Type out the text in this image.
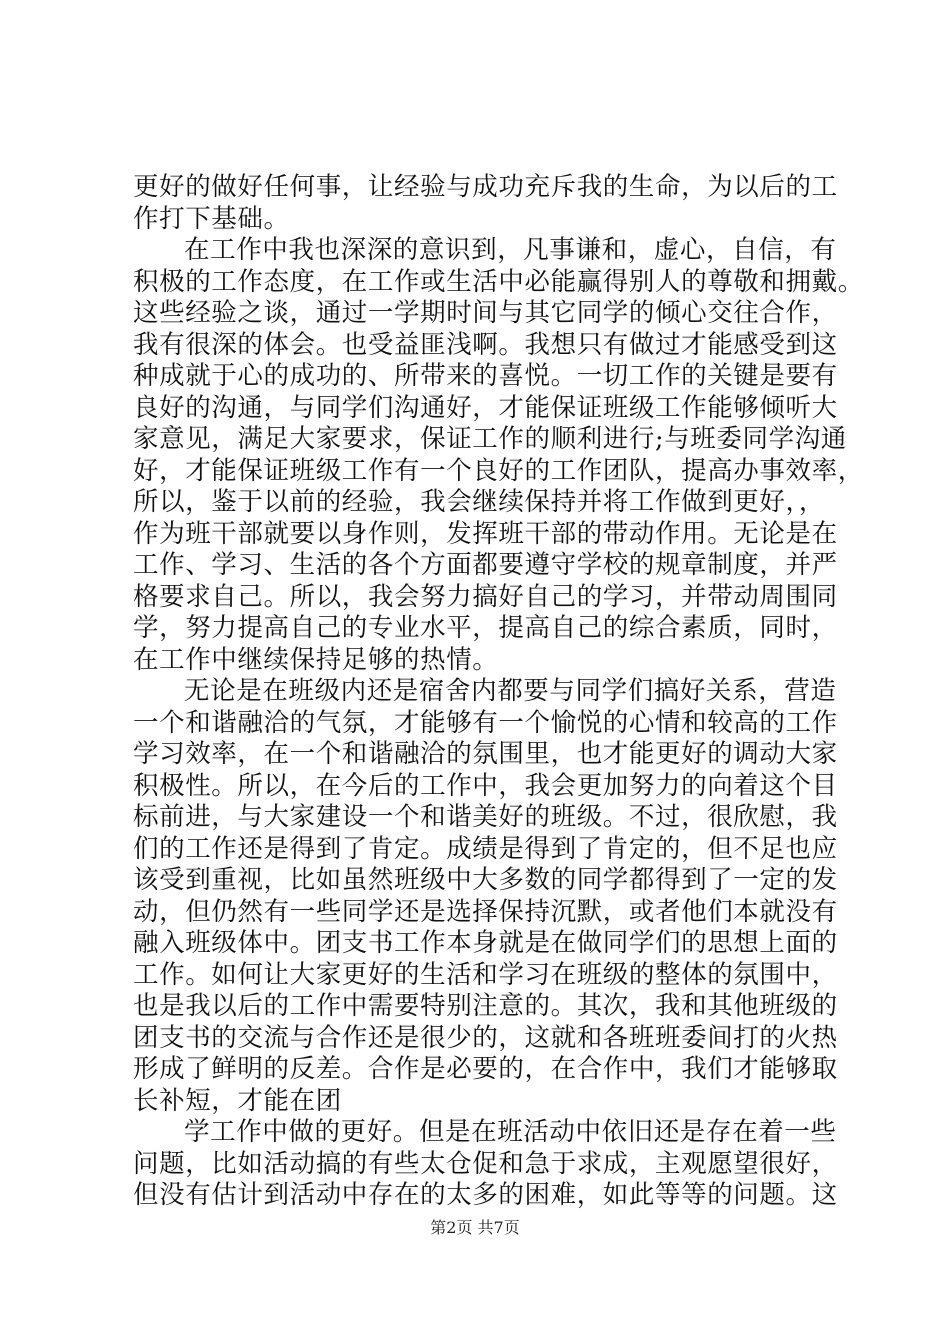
更好的做好任何事，让经验与成功充斥我的生命，为以后的工
作打下基础。
在工作中我也深深的意识到，凡事谦和，虚心，自信，有
积极的工作态度，在工作或生活中必能赢得别人的尊敬和拥戴。
这些经验之谈，通过一学期时间与其它同学的倾心交往合作，
我有很深的体会。也受益匪浅啊。我想只有做过才能感受到这
种成就于心的成功的、所带来的喜悦。一切工作的关键是要有
良好的沟通，与同学们沟通好，才能保证班级工作能够倾听大
家意见，满足大家要求，保证工作的顺利进行;与班委同学沟通
好，才能保证班级工作有一个良好的工作团队，提高办事效率，
所以，鉴于以前的经验，我会继续保持并将工作做到更好，，
作为班干部就要以身作则，发挥班干部的带动作用。无论是在
工作、学习、生活的各个方面都要遵守学校的规章制度，并严
格要求自己。所以，我会努力搞好自己的学习，并带动周围同
学，努力提高自己的专业水平，提高自己的综合素质，同时，
在工作中继续保持足够的热情。
无论是在班级内还是宿舍内都要与同学们搞好关系，营造
一个和谐融洽的气氛，才能够有一个愉悦的心情和较高的工作
学习效率，在一个和谐融洽的氛围里，也才能更好的调动大家
积极性。所以，在今后的工作中，我会更加努力的向着这个目
标前进，与大家建设一个和谐美好的班级。不过，很欣慰，我
们的工作还是得到了肯定。成绩是得到了肯定的，但不足也应
该受到重视，比如虽然班级中大多数的同学都得到了一定的发
动，但仍然有一些同学还是选择保持沉默，或者他们本就没有
融入班级体中。团支书工作本身就是在做同学们的思想上面的
工作。如何让大家更好的生活和学习在班级的整体的氛围中，
也是我以后的工作中需要特别注意的。其次，我和其他班级的
团支书的交流与合作还是很少的，这就和各班班委间打的火热
形成了鲜明的反差。合作是必要的，在合作中，我们才能够取
长补短，才能在团
学工作中做的更好。但是在班活动中依旧还是存在着一些
问题，比如活动搞的有些太仓促和急于求成，主观愿望很好，
但没有估计到活动中存在的太多的困难，如此等等的问题。这
第2页 共7页
